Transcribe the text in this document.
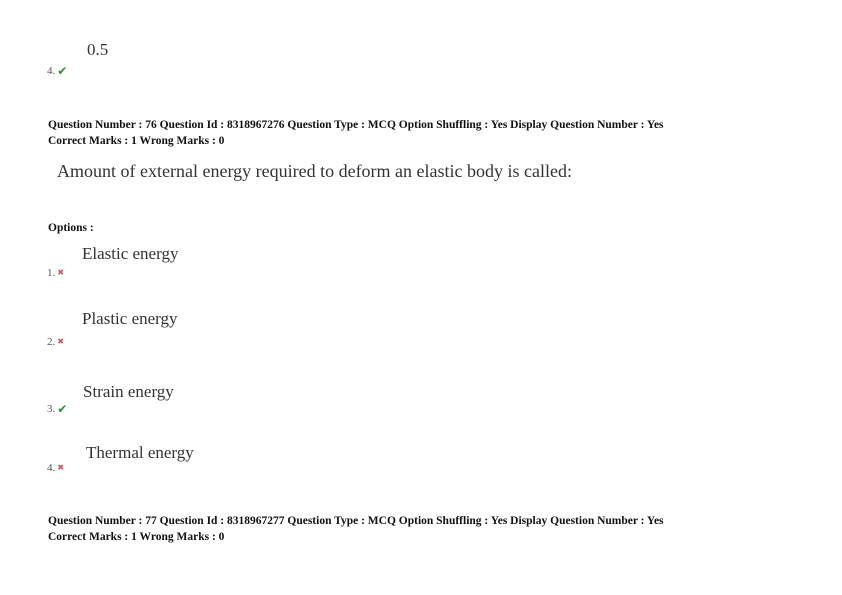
0.5
4. ✔
Question Number : 76 Question Id : 8318967276 Question Type : MCQ Option Shuffling : Yes Display Question Number : Yes
Correct Marks : 1 Wrong Marks : 0
Amount of external energy required to deform an elastic body is called:
Options :
Elastic energy
1. ✖
Plastic energy
2. ✖
Strain energy
3. ✔
Thermal energy
4. ✖
Question Number : 77 Question Id : 8318967277 Question Type : MCQ Option Shuffling : Yes Display Question Number : Yes
Correct Marks : 1 Wrong Marks : 0
